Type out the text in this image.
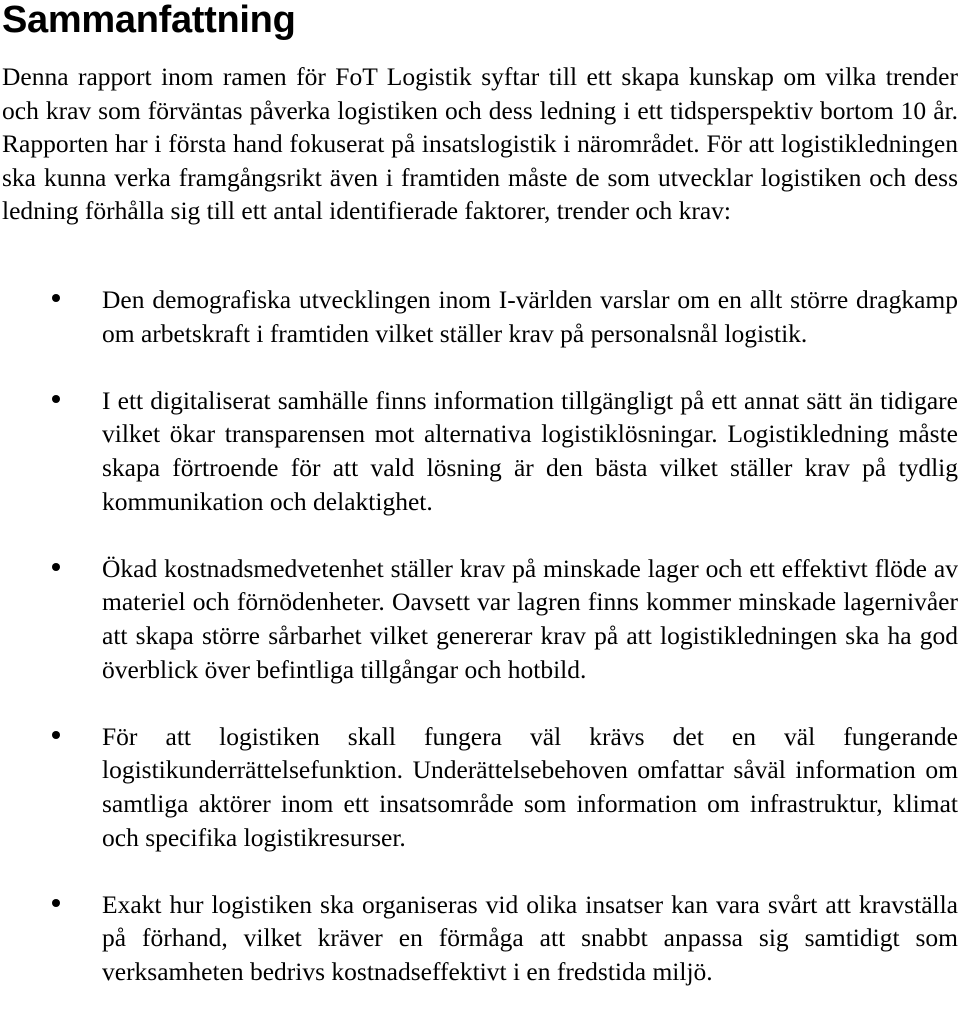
Sammanfattning

Denna rapport inom ramen för FoT Logistik syftar till ett skapa kunskap om vilka trender och krav som förväntas påverka logistiken och dess ledning i ett tidsperspektiv bortom 10 år. Rapporten har i första hand fokuserat på insatslogistik i närområdet. För att logistikledningen ska kunna verka framgångsrikt även i framtiden måste de som utvecklar logistiken och dess ledning förhålla sig till ett antal identifierade faktorer, trender och krav:

Den demografiska utvecklingen inom I-världen varslar om en allt större dragkamp om arbetskraft i framtiden vilket ställer krav på personalsnål logistik.
I ett digitaliserat samhälle finns information tillgängligt på ett annat sätt än tidigare vilket ökar transparensen mot alternativa logistiklösningar. Logistikledning måste skapa förtroende för att vald lösning är den bästa vilket ställer krav på tydlig kommunikation och delaktighet.
Ökad kostnadsmedvetenhet ställer krav på minskade lager och ett effektivt flöde av materiel och förnödenheter. Oavsett var lagren finns kommer minskade lagernivåer att skapa större sårbarhet vilket genererar krav på att logistikledningen ska ha god överblick över befintliga tillgångar och hotbild.
För att logistiken skall fungera väl krävs det en väl fungerande logistikunderrättelsefunktion. Underättelsebehoven omfattar såväl information om samtliga aktörer inom ett insatsområde som information om infrastruktur, klimat och specifika logistikresurser.
Exakt hur logistiken ska organiseras vid olika insatser kan vara svårt att kravställa på förhand, vilket kräver en förmåga att snabbt anpassa sig samtidigt som verksamheten bedrivs kostnadseffektivt i en fredstida miljö.
